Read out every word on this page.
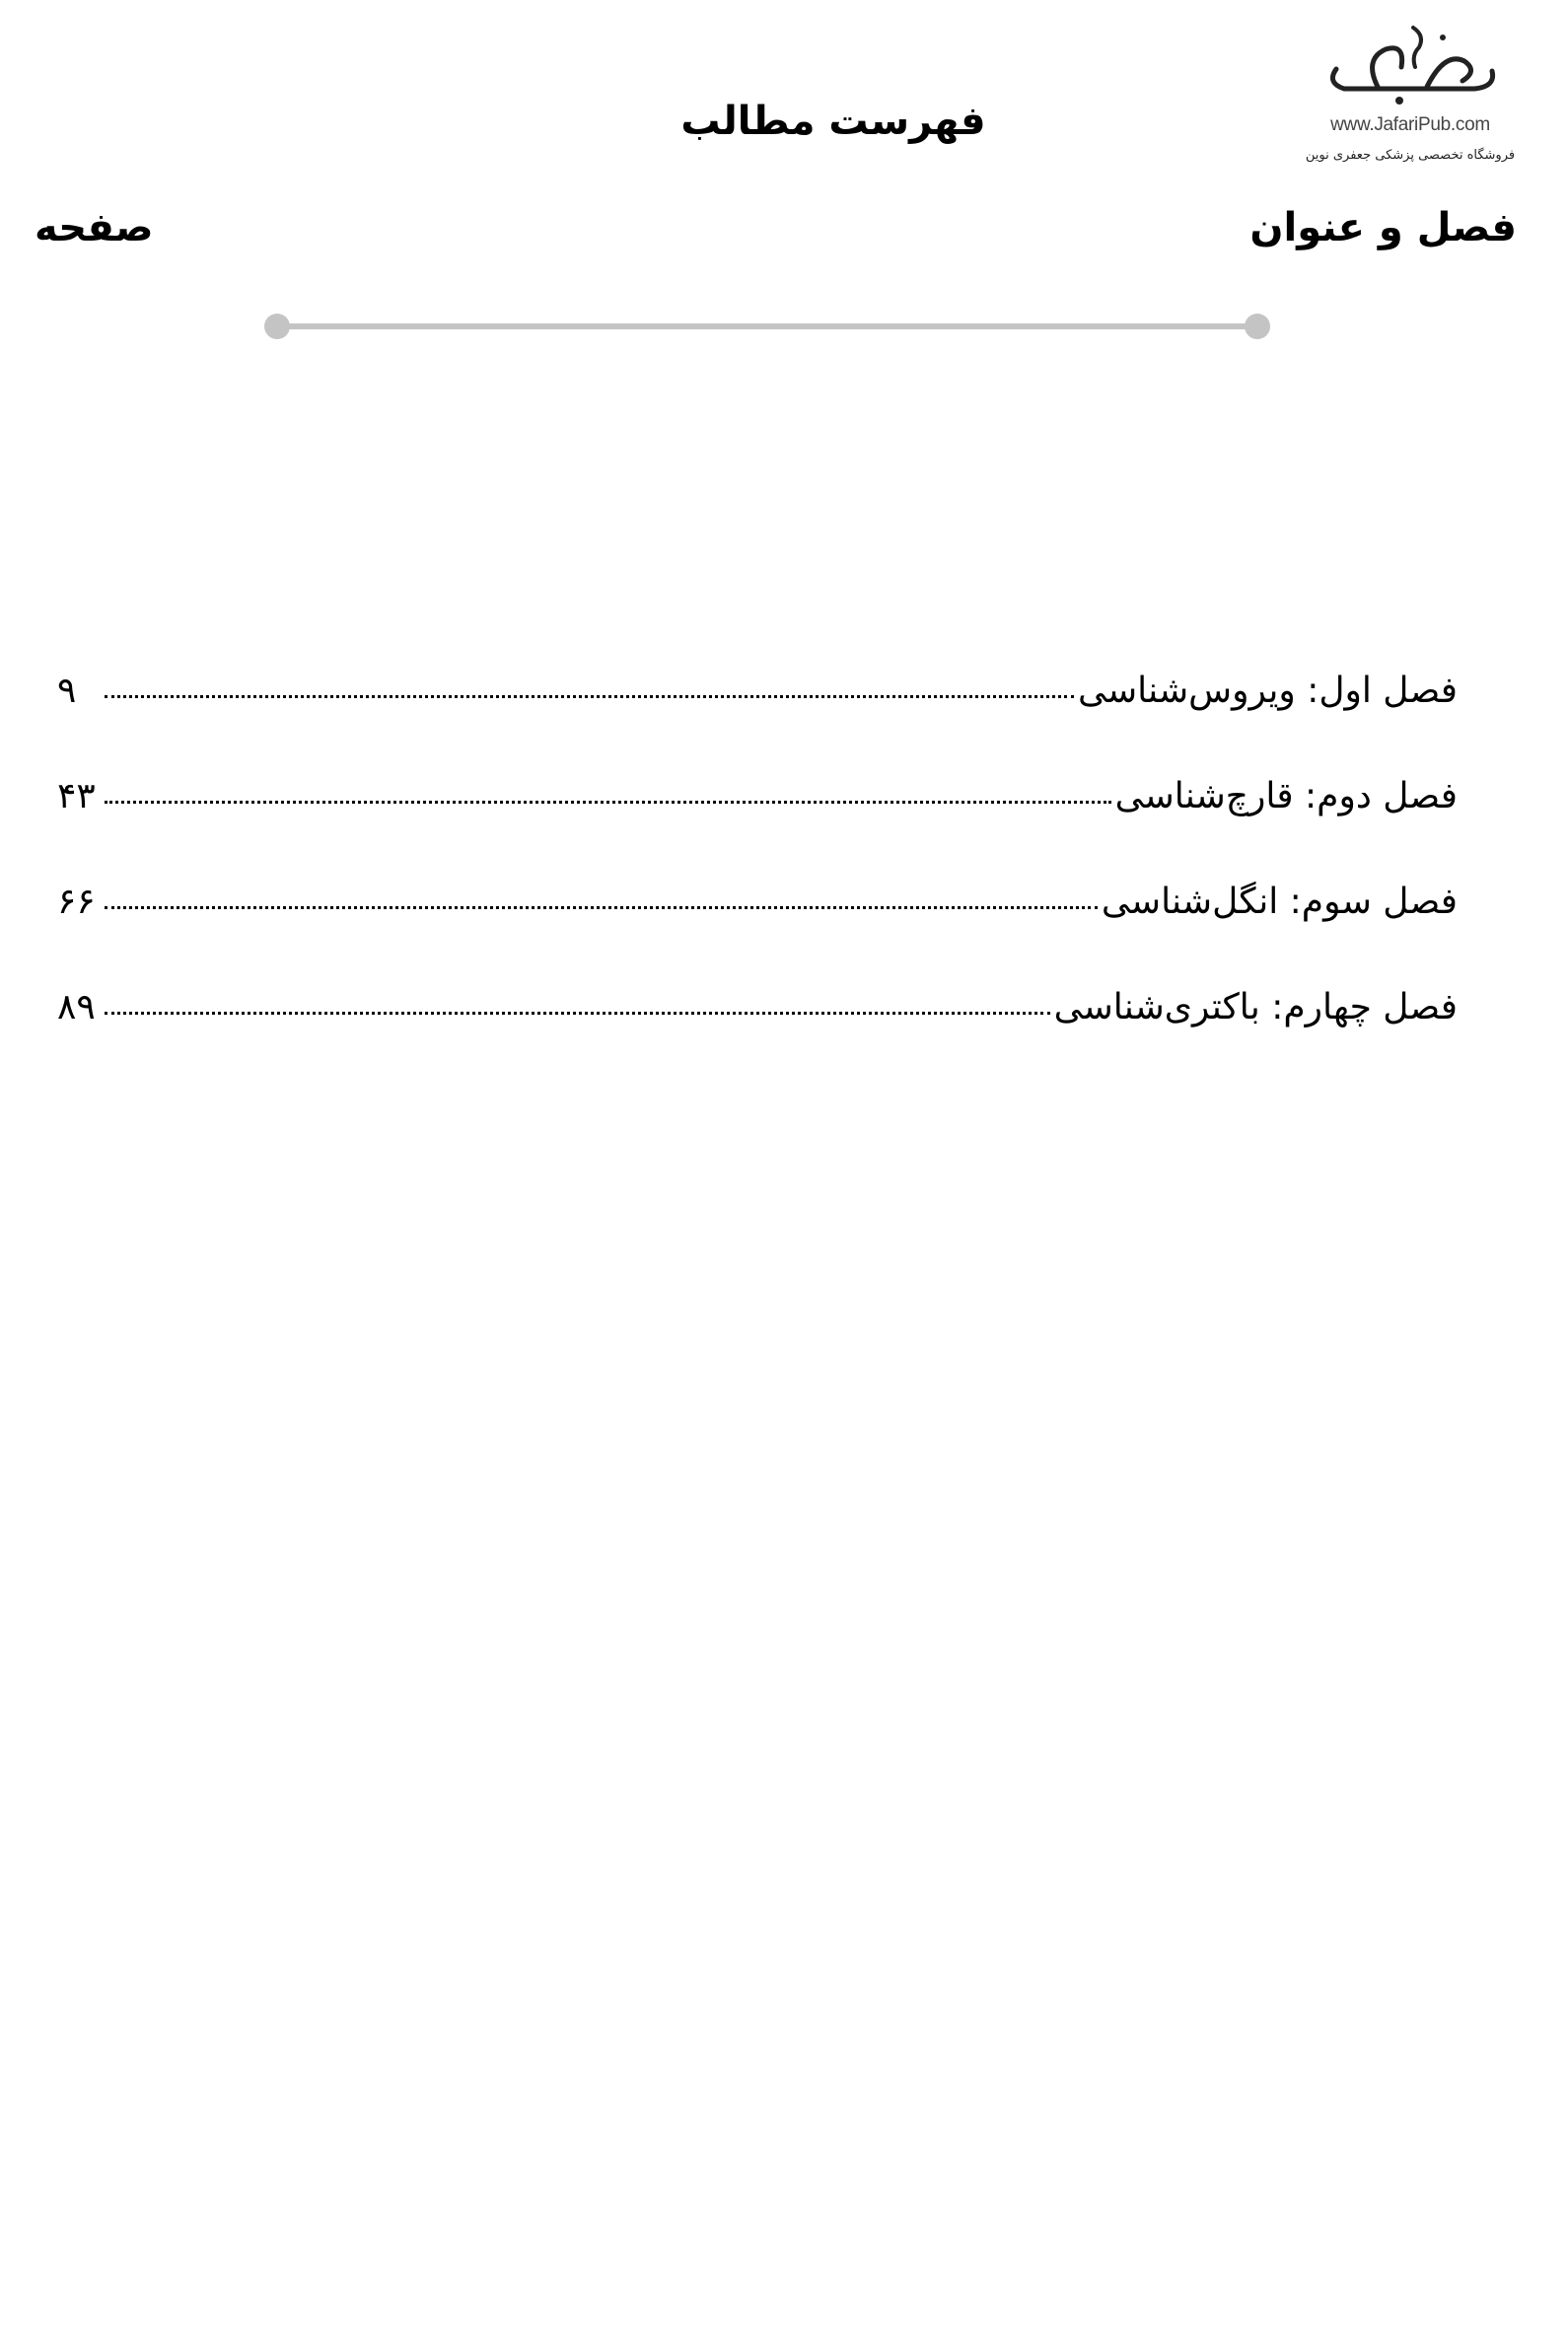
www.JafariPub.com
فروشگاه تخصصی پزشکی جعفری نوین
فهرست مطالب
فصل و عنوان
صفحه
فصل اول: ویروس‌شناسی
۹
فصل دوم: قارچ‌شناسی
۴۳
فصل سوم: انگل‌شناسی
۶۶
فصل چهارم: باکتری‌شناسی
۸۹
